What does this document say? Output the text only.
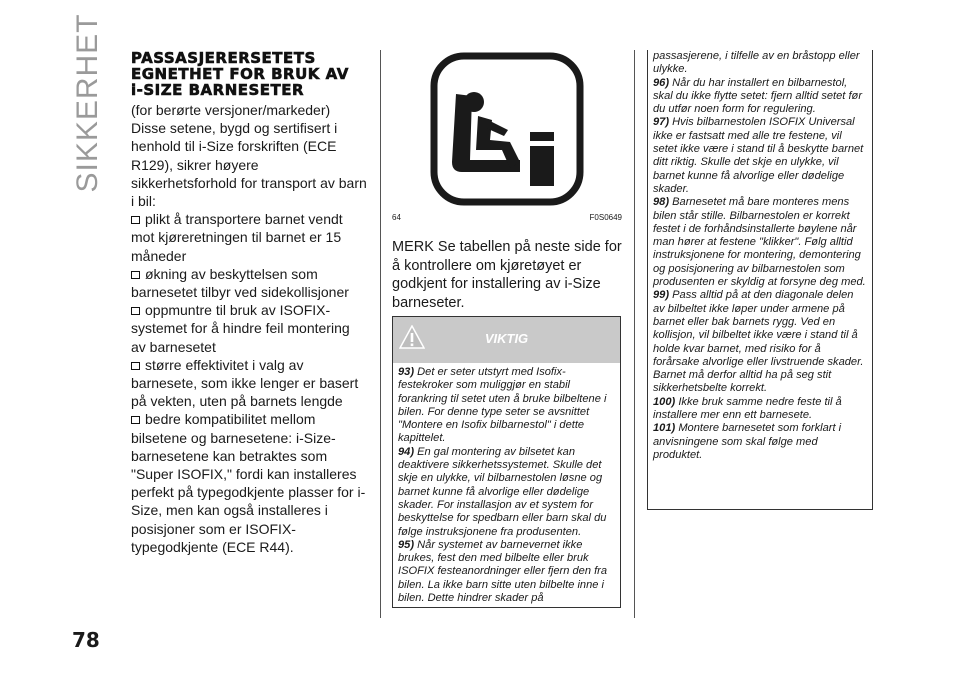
SIKKERHET
78
PASSASJERERSETETS
EGNETHET FOR BRUK AV
i-SIZE BARNESETER

(for berørte versjoner/markeder) Disse setene, bygd og sertifisert i henhold til i-Size forskriften (ECE R129), sikrer høyere sikkerhetsforhold for transport av barn i bil:

plikt å transportere barnet vendt mot kjøreretningen til barnet er 15 måneder

økning av beskyttelsen som barnesetet tilbyr ved sidekollisjoner

oppmuntre til bruk av ISOFIX-systemet for å hindre feil montering av barnesetet

større effektivitet i valg av barnesete, som ikke lenger er basert på vekten, uten på barnets lengde

bedre kompatibilitet mellom bilsetene og barnesetene: i-Size-barnesetene kan betraktes som "Super ISOFIX," fordi kan installeres perfekt på typegodkjente plasser for i-Size, men kan også installeres i posisjoner som er ISOFIX-typegodkjente (ECE R44).

64	F0S0649

MERK Se tabellen på neste side for å kontrollere om kjøretøyet er godkjent for installering av i-Size barneseter.

VIKTIG

93) Det er seter utstyrt med Isofix-festekroker som muliggjør en stabil forankring til setet uten å bruke bilbeltene i bilen. For denne type seter se avsnittet "Montere en Isofix bilbarnestol" i dette kapittelet.

94) En gal montering av bilsetet kan deaktivere sikkerhetssystemet. Skulle det skje en ulykke, vil bilbarnestolen løsne og barnet kunne få alvorlige eller dødelige skader. For installasjon av et system for beskyttelse for spedbarn eller barn skal du følge instruksjonene fra produsenten.

95) Når systemet av barnevernet ikke brukes, fest den med bilbelte eller bruk ISOFIX festeanordninger eller fjern den fra bilen. La ikke barn sitte uten bilbelte inne i bilen. Dette hindrer skader på

passasjerene, i tilfelle av en bråstopp eller ulykke.

96) Når du har installert en bilbarnestol, skal du ikke flytte setet: fjern alltid setet før du utfør noen form for regulering.

97) Hvis bilbarnestolen ISOFIX Universal ikke er fastsatt med alle tre festene, vil setet ikke være i stand til å beskytte barnet ditt riktig. Skulle det skje en ulykke, vil barnet kunne få alvorlige eller dødelige skader.

98) Barnesetet må bare monteres mens bilen står stille. Bilbarnestolen er korrekt festet i de forhåndsinstallerte bøylene når man hører at festene "klikker". Følg alltid instruksjonene for montering, demontering og posisjonering av bilbarnestolen som produsenten er skyldig at forsyne deg med.

99) Pass alltid på at den diagonale delen av bilbeltet ikke løper under armene på barnet eller bak barnets rygg. Ved en kollisjon, vil bilbeltet ikke være i stand til å holde kvar barnet, med risiko for å forårsake alvorlige eller livstruende skader. Barnet må derfor alltid ha på seg stit sikkerhetsbelte korrekt.

100) Ikke bruk samme nedre feste til å installere mer enn ett barnesete.

101) Montere barnesetet som forklart i anvisningene som skal følge med produktet.
